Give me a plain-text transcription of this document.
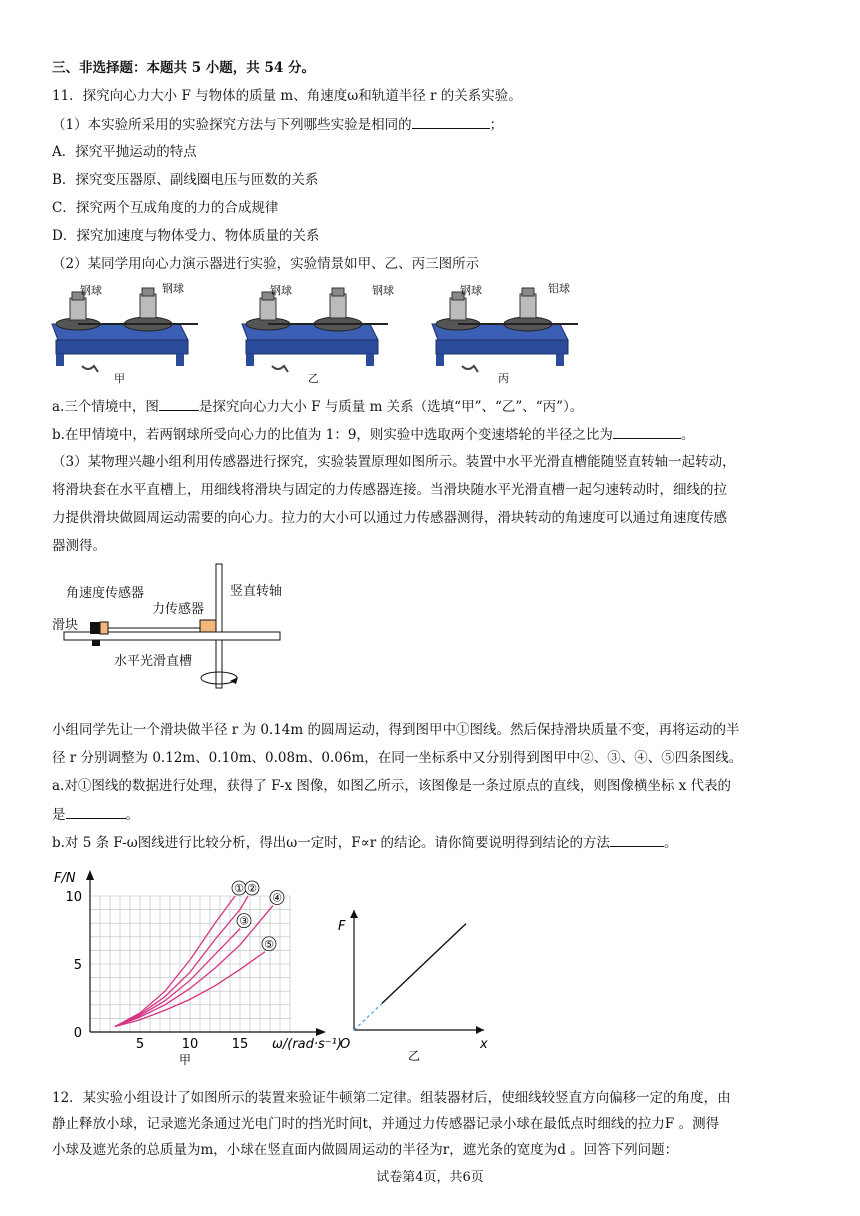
三、非选择题：本题共 5 小题，共 54 分。
11．探究向心力大小 F 与物体的质量 m、角速度ω和轨道半径 r 的关系实验。
（1）本实验所采用的实验探究方法与下列哪些实验是相同的	；
A．探究平抛运动的特点
B．探究变压器原、副线圈电压与匝数的关系
C．探究两个互成角度的力的合成规律
D．探究加速度与物体受力、物体质量的关系
（2）某同学用向心力演示器进行实验，实验情景如甲、乙、丙三图所示
钢球	钢球	钢球	钢球	钢球	铝球
甲	乙	丙
a.三个情境中，图	是探究向心力大小 F 与质量 m 关系（选填“甲”、“乙”、“丙”）。
b.在甲情境中，若两钢球所受向心力的比值为 1：9，则实验中选取两个变速塔轮的半径之比为	。
（3）某物理兴趣小组利用传感器进行探究，实验装置原理如图所示。装置中水平光滑直槽能随竖直转轴一起转动，
将滑块套在水平直槽上，用细线将滑块与固定的力传感器连接。当滑块随水平光滑直槽一起匀速转动时，细线的拉
力提供滑块做圆周运动需要的向心力。拉力的大小可以通过力传感器测得，滑块转动的角速度可以通过角速度传感
器测得。
角速度传感器
力传感器
滑块
竖直转轴
水平光滑直槽
小组同学先让一个滑块做半径 r 为 0.14m 的圆周运动，得到图甲中①图线。然后保持滑块质量不变，再将运动的半
径 r 分别调整为 0.12m、0.10m、0.08m、0.06m，在同一坐标系中又分别得到图甲中②、③、④、⑤四条图线。
a.对①图线的数据进行处理，获得了 F-x 图像，如图乙所示，该图像是一条过原点的直线，则图像横坐标 x 代表的
是	。
b.对 5 条 F-ω图线进行比较分析，得出ω一定时，F∝r 的结论。请你简要说明得到结论的方法	。
5	10	15
0
5
10
F/N
ω/(rad·s⁻¹)
甲
① ②
③
④
⑤
F
x
O
乙
12．某实验小组设计了如图所示的装置来验证牛顿第二定律。组装器材后，使细线较竖直方向偏移一定的角度，由
静止释放小球，记录遮光条通过光电门时的挡光时间t，并通过力传感器记录小球在最低点时细线的拉力F 。测得
小球及遮光条的总质量为m，小球在竖直面内做圆周运动的半径为r，遮光条的宽度为d 。回答下列问题：
试卷第4页，共6页
